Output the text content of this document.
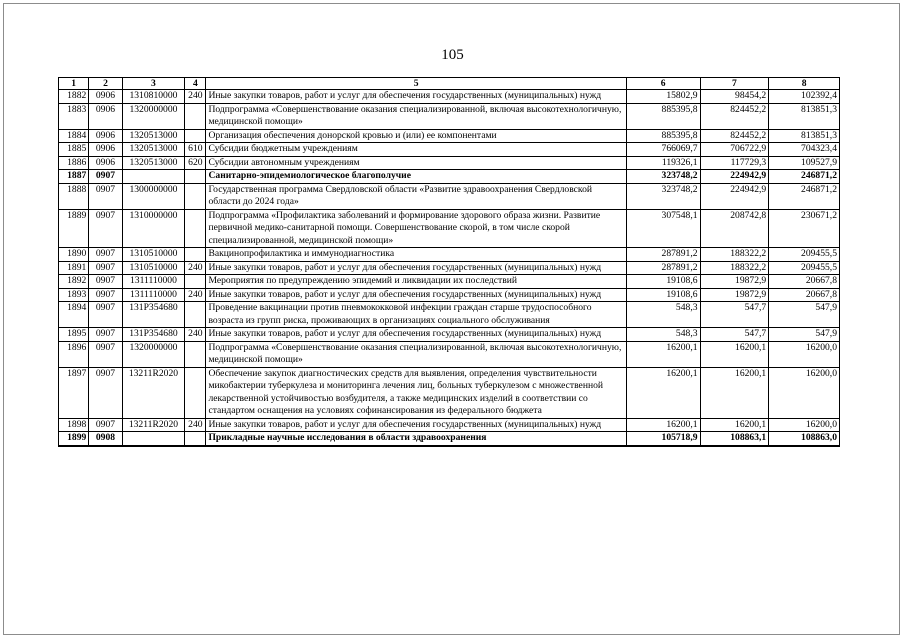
105
1	2	3	4	5	6	7	8
1882	0906	1310810000	240	Иные закупки товаров, работ и услуг для обеспечения государственных (муниципальных) нужд	15802,9	98454,2	102392,4
1883	0906	1320000000		Подпрограмма «Совершенствование оказания специализированной, включая высокотехнологичную, медицинской помощи»	885395,8	824452,2	813851,3
1884	0906	1320513000		Организация обеспечения донорской кровью и (или) ее компонентами	885395,8	824452,2	813851,3
1885	0906	1320513000	610	Субсидии бюджетным учреждениям	766069,7	706722,9	704323,4
1886	0906	1320513000	620	Субсидии автономным учреждениям	119326,1	117729,3	109527,9
1887	0907			Санитарно-эпидемиологическое благополучие	323748,2	224942,9	246871,2
1888	0907	1300000000		Государственная программа Свердловской области «Развитие здравоохранения Свердловской области до 2024 года»	323748,2	224942,9	246871,2
1889	0907	1310000000		Подпрограмма «Профилактика заболеваний и формирование здорового образа жизни. Развитие первичной медико-санитарной помощи. Совершенствование скорой, в том числе скорой специализированной, медицинской помощи»	307548,1	208742,8	230671,2
1890	0907	1310510000		Вакцинопрофилактика и иммунодиагностика	287891,2	188322,2	209455,5
1891	0907	1310510000	240	Иные закупки товаров, работ и услуг для обеспечения государственных (муниципальных) нужд	287891,2	188322,2	209455,5
1892	0907	1311110000		Мероприятия по предупреждению эпидемий и ликвидации их последствий	19108,6	19872,9	20667,8
1893	0907	1311110000	240	Иные закупки товаров, работ и услуг для обеспечения государственных (муниципальных) нужд	19108,6	19872,9	20667,8
1894	0907	131P354680		Проведение вакцинации против пневмококковой инфекции граждан старше трудоспособного возраста из групп риска, проживающих в организациях социального обслуживания	548,3	547,7	547,9
1895	0907	131P354680	240	Иные закупки товаров, работ и услуг для обеспечения государственных (муниципальных) нужд	548,3	547,7	547,9
1896	0907	1320000000		Подпрограмма «Совершенствование оказания специализированной, включая высокотехнологичную, медицинской помощи»	16200,1	16200,1	16200,0
1897	0907	13211R2020		Обеспечение закупок диагностических средств для выявления, определения чувствительности микобактерии туберкулеза и мониторинга лечения лиц, больных туберкулезом с множественной лекарственной устойчивостью возбудителя, а также медицинских изделий в соответствии со стандартом оснащения на условиях софинансирования из федерального бюджета	16200,1	16200,1	16200,0
1898	0907	13211R2020	240	Иные закупки товаров, работ и услуг для обеспечения государственных (муниципальных) нужд	16200,1	16200,1	16200,0
1899	0908			Прикладные научные исследования в области здравоохранения	105718,9	108863,1	108863,0
